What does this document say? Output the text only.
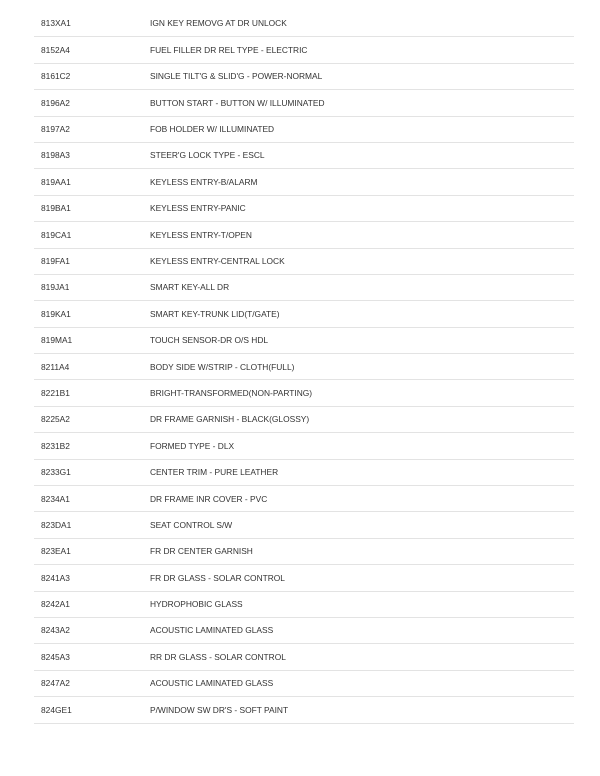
813XA1	IGN KEY REMOVG AT DR UNLOCK
8152A4	FUEL FILLER DR REL TYPE - ELECTRIC
8161C2	SINGLE TILT'G & SLID'G - POWER-NORMAL
8196A2	BUTTON START - BUTTON W/ ILLUMINATED
8197A2	FOB HOLDER W/ ILLUMINATED
8198A3	STEER'G LOCK TYPE - ESCL
819AA1	KEYLESS ENTRY-B/ALARM
819BA1	KEYLESS ENTRY-PANIC
819CA1	KEYLESS ENTRY-T/OPEN
819FA1	KEYLESS ENTRY-CENTRAL LOCK
819JA1	SMART KEY-ALL DR
819KA1	SMART KEY-TRUNK LID(T/GATE)
819MA1	TOUCH SENSOR-DR O/S HDL
8211A4	BODY SIDE W/STRIP - CLOTH(FULL)
8221B1	BRIGHT-TRANSFORMED(NON-PARTING)
8225A2	DR FRAME GARNISH - BLACK(GLOSSY)
8231B2	FORMED TYPE - DLX
8233G1	CENTER TRIM - PURE LEATHER
8234A1	DR FRAME INR COVER - PVC
823DA1	SEAT CONTROL S/W
823EA1	FR DR CENTER GARNISH
8241A3	FR DR GLASS - SOLAR CONTROL
8242A1	HYDROPHOBIC GLASS
8243A2	ACOUSTIC LAMINATED GLASS
8245A3	RR DR GLASS - SOLAR CONTROL
8247A2	ACOUSTIC LAMINATED GLASS
824GE1	P/WINDOW SW DR'S - SOFT PAINT
